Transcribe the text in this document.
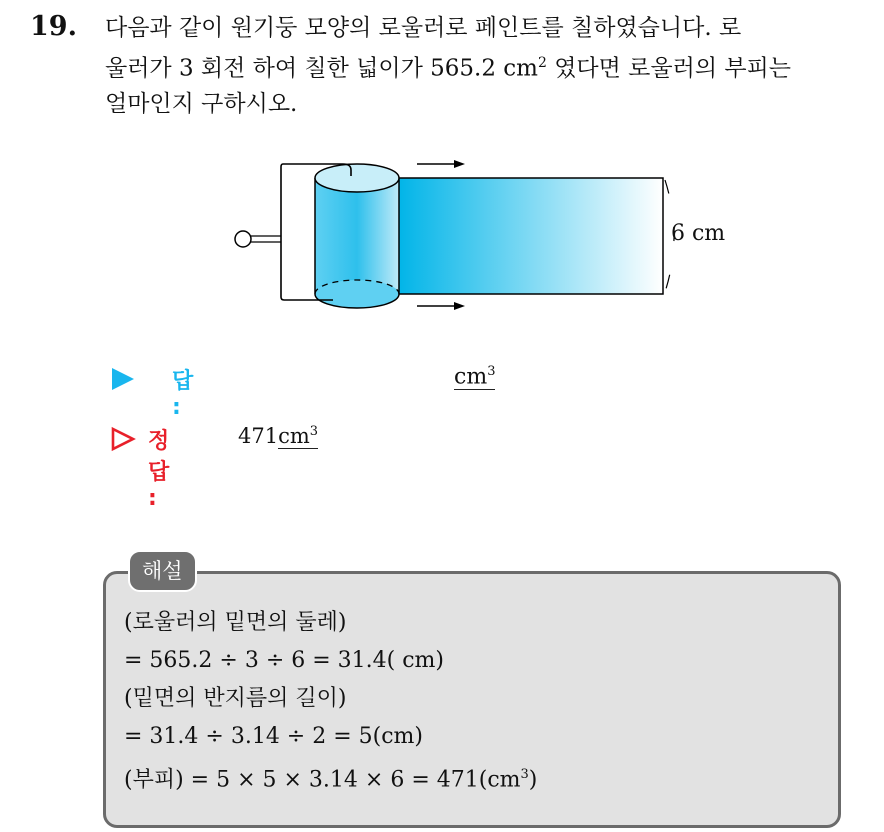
19. 다음과 같이 원기둥 모양의 로울러로 페인트를 칠하였습니다. 로
울러가 3 회전 하여 칠한 넓이가 565.2 $cm^2$ 였다면 로울러의 부피는
얼마인지 구하시오.
6 cm
답 :
$cm^3$
정답 :
$471cm^3$
해설
(로울러의 밑면의 둘레)
= 565.2 ÷ 3 ÷ 6 = 31.4( cm)
(밑면의 반지름의 길이)
= 31.4 ÷ 3.14 ÷ 2 = 5(cm)
(부피) = $5 \times 5 \times 3.14 \times 6 = 471(cm^3)$
